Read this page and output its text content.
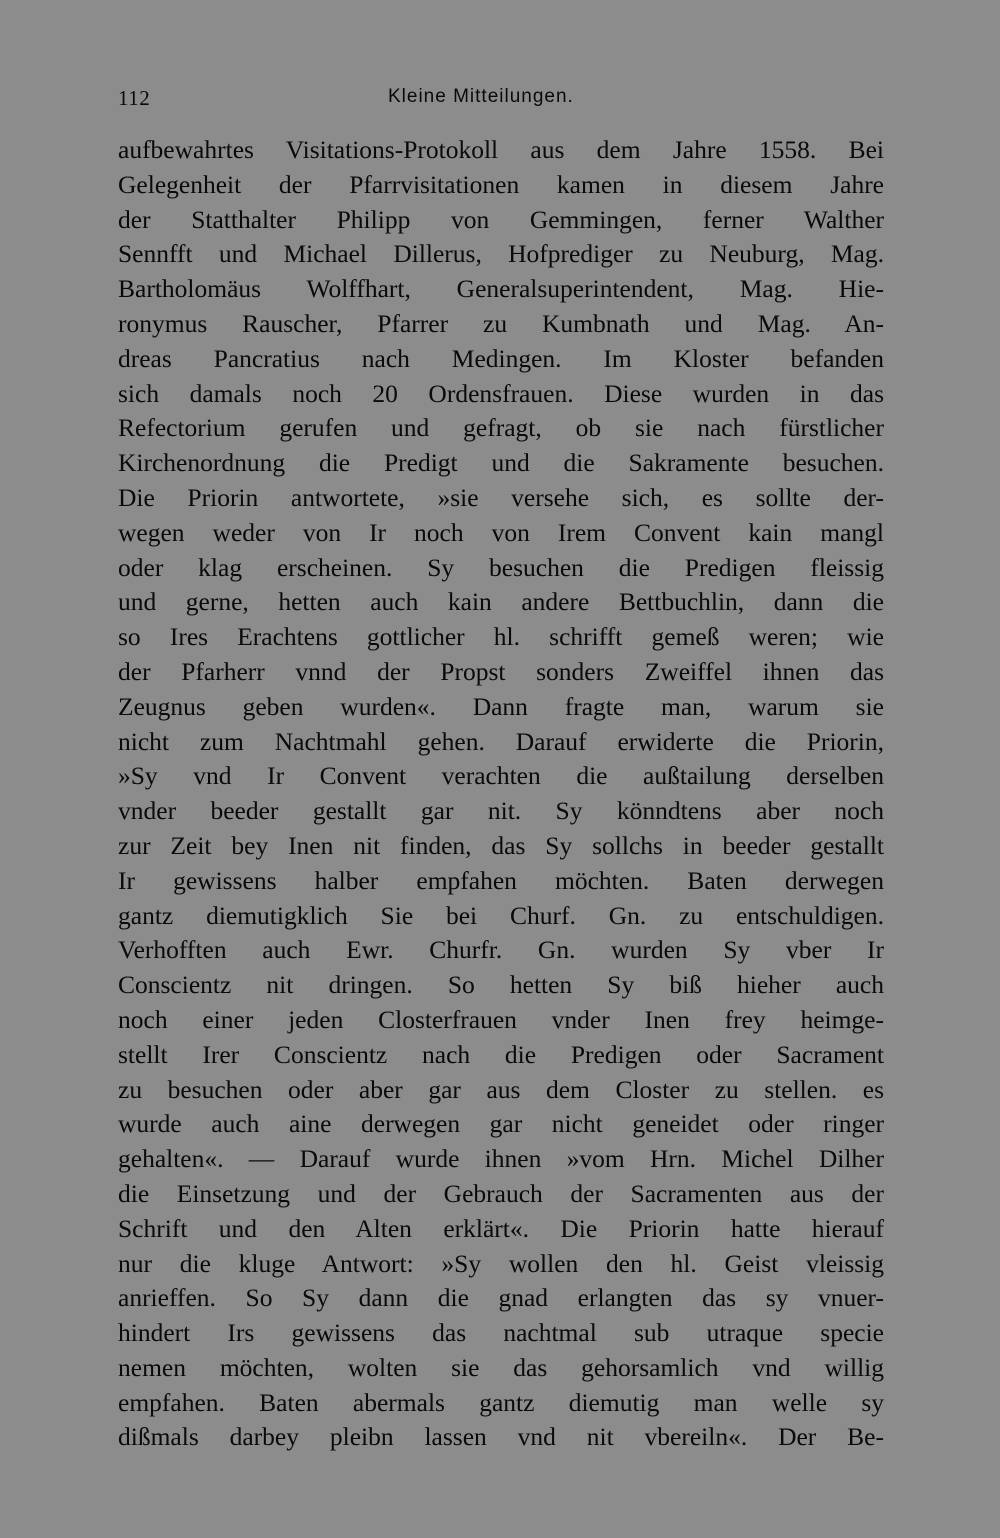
112	Kleine Mitteilungen.
aufbewahrtes Visitations-Protokoll aus dem Jahre 1558. Bei
Gelegenheit der Pfarrvisitationen kamen in diesem Jahre
der Statthalter Philipp von Gemmingen, ferner Walther
Sennfft und Michael Dillerus, Hofprediger zu Neuburg, Mag.
Bartholomäus Wolffhart, Generalsuperintendent, Mag. Hie-
ronymus Rauscher, Pfarrer zu Kumbnath und Mag. An-
dreas Pancratius nach Medingen. Im Kloster befanden
sich damals noch 20 Ordensfrauen. Diese wurden in das
Refectorium gerufen und gefragt, ob sie nach fürstlicher
Kirchenordnung die Predigt und die Sakramente besuchen.
Die Priorin antwortete, »sie versehe sich, es sollte der-
wegen weder von Ir noch von Irem Convent kain mangl
oder klag erscheinen. Sy besuchen die Predigen fleissig
und gerne, hetten auch kain andere Bettbuchlin, dann die
so Ires Erachtens gottlicher hl. schrifft gemeß weren; wie
der Pfarherr vnnd der Propst sonders Zweiffel ihnen das
Zeugnus geben wurden«. Dann fragte man, warum sie
nicht zum Nachtmahl gehen. Darauf erwiderte die Priorin,
»Sy vnd Ir Convent verachten die außtailung derselben
vnder beeder gestallt gar nit. Sy könndtens aber noch
zur Zeit bey Inen nit finden, das Sy sollchs in beeder gestallt
Ir gewissens halber empfahen möchten. Baten derwegen
gantz diemutigklich Sie bei Churf. Gn. zu entschuldigen.
Verhofften auch Ewr. Churfr. Gn. wurden Sy vber Ir
Conscientz nit dringen. So hetten Sy biß hieher auch
noch einer jeden Closterfrauen vnder Inen frey heimge-
stellt Irer Conscientz nach die Predigen oder Sacrament
zu besuchen oder aber gar aus dem Closter zu stellen. es
wurde auch aine derwegen gar nicht geneidet oder ringer
gehalten«. — Darauf wurde ihnen »vom Hrn. Michel Dilher
die Einsetzung und der Gebrauch der Sacramenten aus der
Schrift und den Alten erklärt«. Die Priorin hatte hierauf
nur die kluge Antwort: »Sy wollen den hl. Geist vleissig
anrieffen. So Sy dann die gnad erlangten das sy vnuer-
hindert Irs gewissens das nachtmal sub utraque specie
nemen möchten, wolten sie das gehorsamlich vnd willig
empfahen. Baten abermals gantz diemutig man welle sy
dißmals darbey pleibn lassen vnd nit vbereiln«. Der Be-
